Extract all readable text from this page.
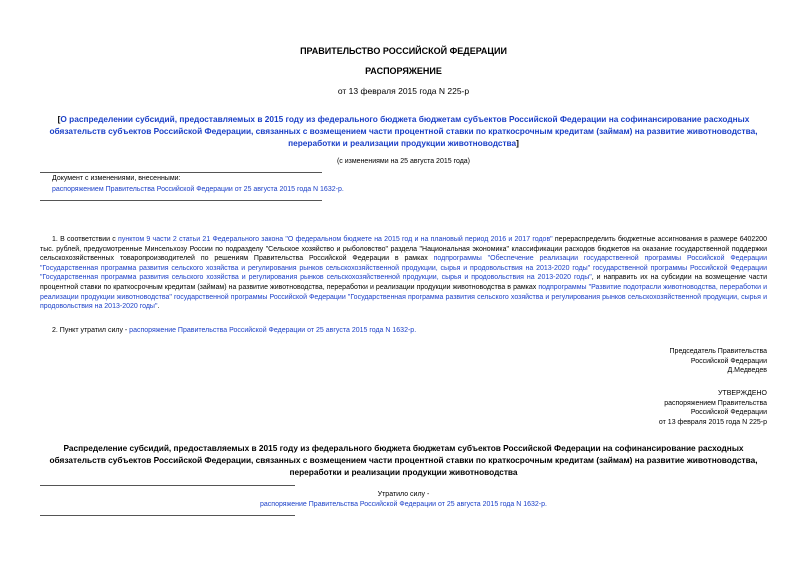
ПРАВИТЕЛЬСТВО РОССИЙСКОЙ ФЕДЕРАЦИИ
РАСПОРЯЖЕНИЕ
от 13 февраля 2015 года N 225-р
[О распределении субсидий, предоставляемых в 2015 году из федерального бюджета бюджетам субъектов Российской Федерации на софинансирование расходных обязательств субъектов Российской Федерации, связанных с возмещением части процентной ставки по краткосрочным кредитам (займам) на развитие животноводства, переработки и реализации продукции животноводства]
(с изменениями на 25 августа 2015 года)
Документ с изменениями, внесенными:
распоряжением Правительства Российской Федерации от 25 августа 2015 года N 1632-р.
1. В соответствии с пунктом 9 части 2 статьи 21 Федерального закона "О федеральном бюджете на 2015 год и на плановый период 2016 и 2017 годов" перераспределить бюджетные ассигнования в размере 6402200 тыс. рублей, предусмотренные Минсельхозу России по подразделу "Сельское хозяйство и рыболовство" раздела "Национальная экономика" классификации расходов бюджетов на оказание государственной поддержки сельскохозяйственных товаропроизводителей по решениям Правительства Российской Федерации в рамках подпрограммы "Обеспечение реализации государственной программы Российской Федерации "Государственная программа развития сельского хозяйства и регулирования рынков сельскохозяйственной продукции, сырья и продовольствия на 2013-2020 годы" государственной программы Российской Федерации "Государственная программа развития сельского хозяйства и регулирования рынков сельскохозяйственной продукции, сырья и продовольствия на 2013-2020 годы", и направить их на субсидии на возмещение части процентной ставки по краткосрочным кредитам (займам) на развитие животноводства, переработки и реализации продукции животноводства в рамках подпрограммы "Развитие подотрасли животноводства, переработки и реализации продукции животноводства" государственной программы Российской Федерации "Государственная программа развития сельского хозяйства и регулирования рынков сельскохозяйственной продукции, сырья и продовольствия на 2013-2020 годы".
2. Пункт утратил силу - распоряжение Правительства Российской Федерации от 25 августа 2015 года N 1632-р.
Председатель Правительства
Российской Федерации
Д.Медведев
УТВЕРЖДЕНО
распоряжением Правительства
Российской Федерации
от 13 февраля 2015 года N 225-р
Распределение субсидий, предоставляемых в 2015 году из федерального бюджета бюджетам субъектов Российской Федерации на софинансирование расходных обязательств субъектов Российской Федерации, связанных с возмещением части процентной ставки по краткосрочным кредитам (займам) на развитие животноводства, переработки и реализации продукции животноводства
Утратило силу -
распоряжение Правительства Российской Федерации от 25 августа 2015 года N 1632-р.
